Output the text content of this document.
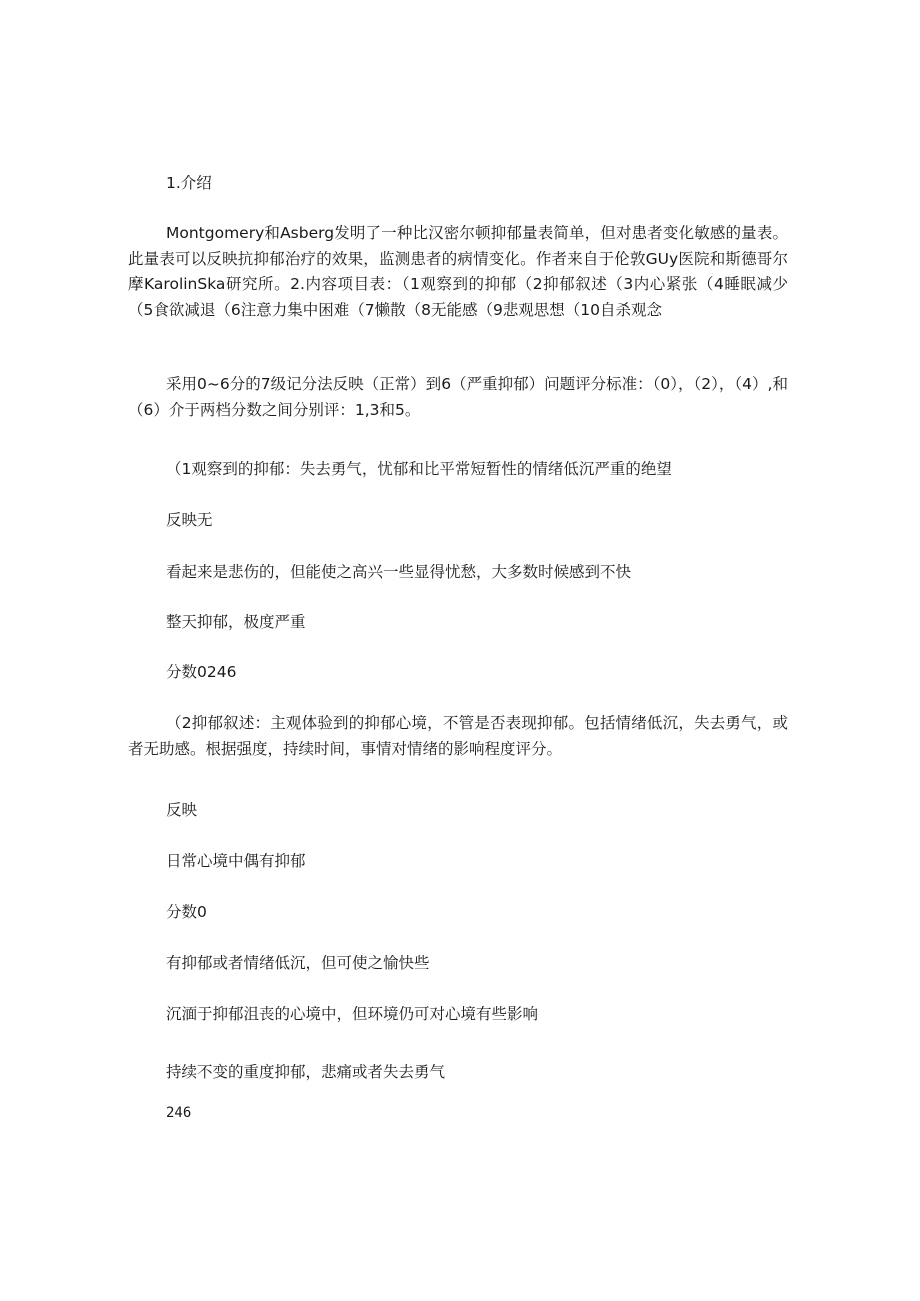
1.介绍

Montgomery和Asberg发明了一种比汉密尔顿抑郁量表简单，但对患者变化敏感的量表。此量表可以反映抗抑郁治疗的效果，监测患者的病情变化。作者来自于伦敦GUy医院和斯德哥尔摩KarolinSka研究所。2.内容项目表：（1观察到的抑郁（2抑郁叙述（3内心紧张（4睡眠减少（5食欲减退（6注意力集中困难（7懒散（8无能感（9悲观思想（10自杀观念

采用0~6分的7级记分法反映（正常）到6（严重抑郁）问题评分标准：（0），（2），（4）,和（6）介于两档分数之间分别评：1,3和5。

（1观察到的抑郁：失去勇气，忧郁和比平常短暂性的情绪低沉严重的绝望

反映无

看起来是悲伤的，但能使之高兴一些显得忧愁，大多数时候感到不快

整天抑郁，极度严重

分数0246

（2抑郁叙述：主观体验到的抑郁心境，不管是否表现抑郁。包括情绪低沉，失去勇气，或者无助感。根据强度，持续时间，事情对情绪的影响程度评分。

反映

日常心境中偶有抑郁

分数0

有抑郁或者情绪低沉，但可使之愉快些

沉湎于抑郁沮丧的心境中，但环境仍可对心境有些影响

持续不变的重度抑郁，悲痛或者失去勇气

246
